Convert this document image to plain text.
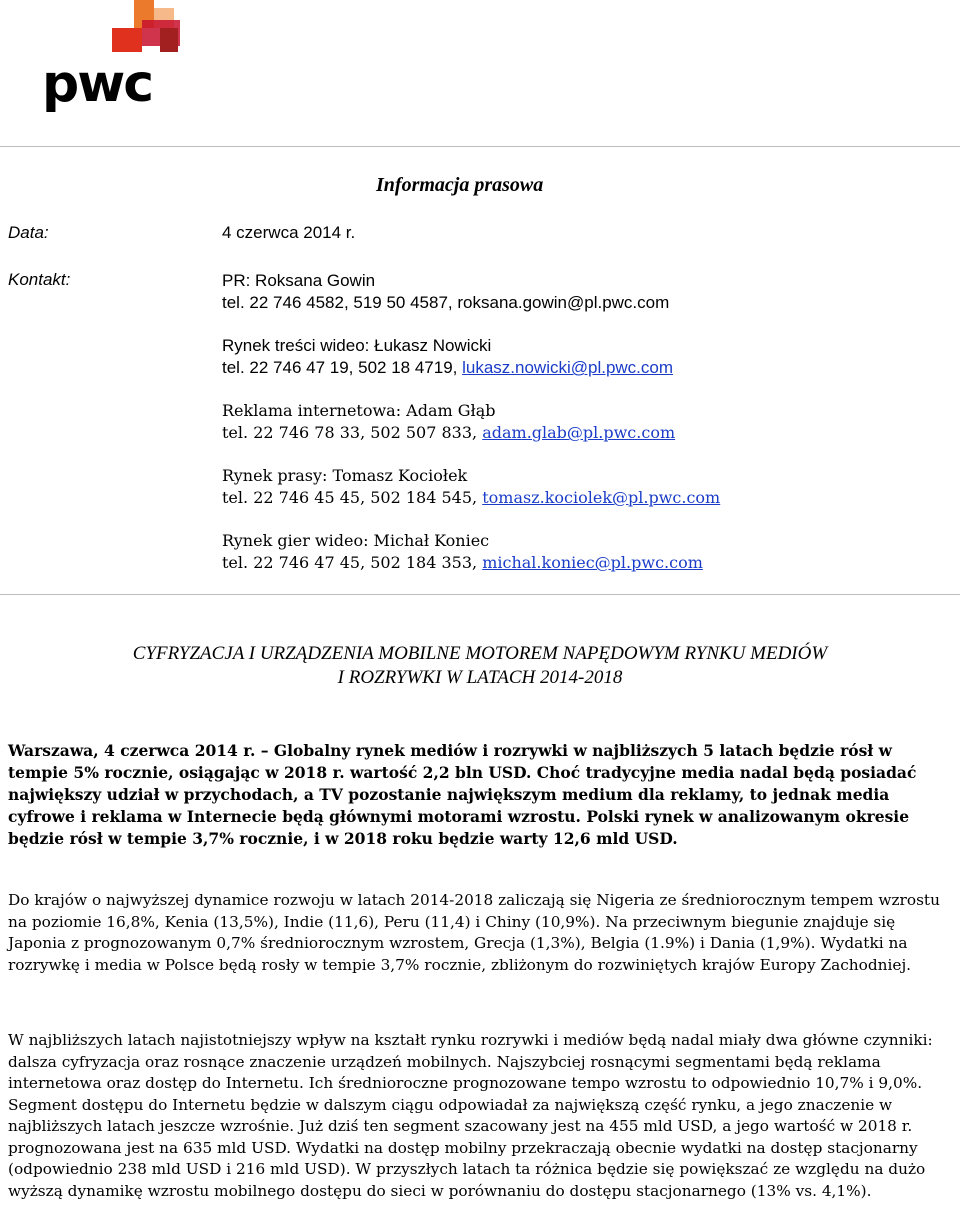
pwc
Informacja prasowa
Data:	4 czerwca 2014 r.
Kontakt:	PR: Roksana Gowin
tel. 22 746 4582, 519 50 4587, roksana.gowin@pl.pwc.com
Rynek treści wideo: Łukasz Nowicki
tel. 22 746 47 19, 502 18 4719, lukasz.nowicki@pl.pwc.com
Reklama internetowa: Adam Głąb
tel. 22 746 78 33, 502 507 833, adam.glab@pl.pwc.com
Rynek prasy: Tomasz Kociołek
tel. 22 746 45 45, 502 184 545, tomasz.kociolek@pl.pwc.com
Rynek gier wideo: Michał Koniec
tel. 22 746 47 45, 502 184 353, michal.koniec@pl.pwc.com
CYFRYZACJA I URZĄDZENIA MOBILNE MOTOREM NAPĘDOWYM RYNKU MEDIÓW
I ROZRYWKI W LATACH 2014-2018
Warszawa, 4 czerwca 2014 r. – Globalny rynek mediów i rozrywki w najbliższych 5 latach będzie rósł w tempie 5% rocznie, osiągając w 2018 r. wartość 2,2 bln USD. Choć tradycyjne media nadal będą posiadać największy udział w przychodach, a TV pozostanie największym medium dla reklamy, to jednak media cyfrowe i reklama w Internecie będą głównymi motorami wzrostu. Polski rynek w analizowanym okresie będzie rósł w tempie 3,7% rocznie, i w 2018 roku będzie warty 12,6 mld USD.
Do krajów o najwyższej dynamice rozwoju w latach 2014-2018 zaliczają się Nigeria ze średniorocznym tempem wzrostu na poziomie 16,8%, Kenia (13,5%), Indie (11,6), Peru (11,4) i Chiny (10,9%). Na przeciwnym biegunie znajduje się Japonia z prognozowanym 0,7% średniorocznym wzrostem, Grecja (1,3%), Belgia (1.9%) i Dania (1,9%). Wydatki na rozrywkę i media w Polsce będą rosły w tempie 3,7% rocznie, zbliżonym do rozwiniętych krajów Europy Zachodniej.
W najbliższych latach najistotniejszy wpływ na kształt rynku rozrywki i mediów będą nadal miały dwa główne czynniki: dalsza cyfryzacja oraz rosnące znaczenie urządzeń mobilnych. Najszybciej rosnącymi segmentami będą reklama internetowa oraz dostęp do Internetu. Ich średnioroczne prognozowane tempo wzrostu to odpowiednio 10,7% i 9,0%. Segment dostępu do Internetu będzie w dalszym ciągu odpowiadał za największą część rynku, a jego znaczenie w najbliższych latach jeszcze wzrośnie. Już dziś ten segment szacowany jest na 455 mld USD, a jego wartość w 2018 r. prognozowana jest na 635 mld USD. Wydatki na dostęp mobilny przekraczają obecnie wydatki na dostęp stacjonarny (odpowiednio 238 mld USD i 216 mld USD). W przyszłych latach ta różnica będzie się powiększać ze względu na dużo wyższą dynamikę wzrostu mobilnego dostępu do sieci w porównaniu do dostępu stacjonarnego (13% vs. 4,1%).
